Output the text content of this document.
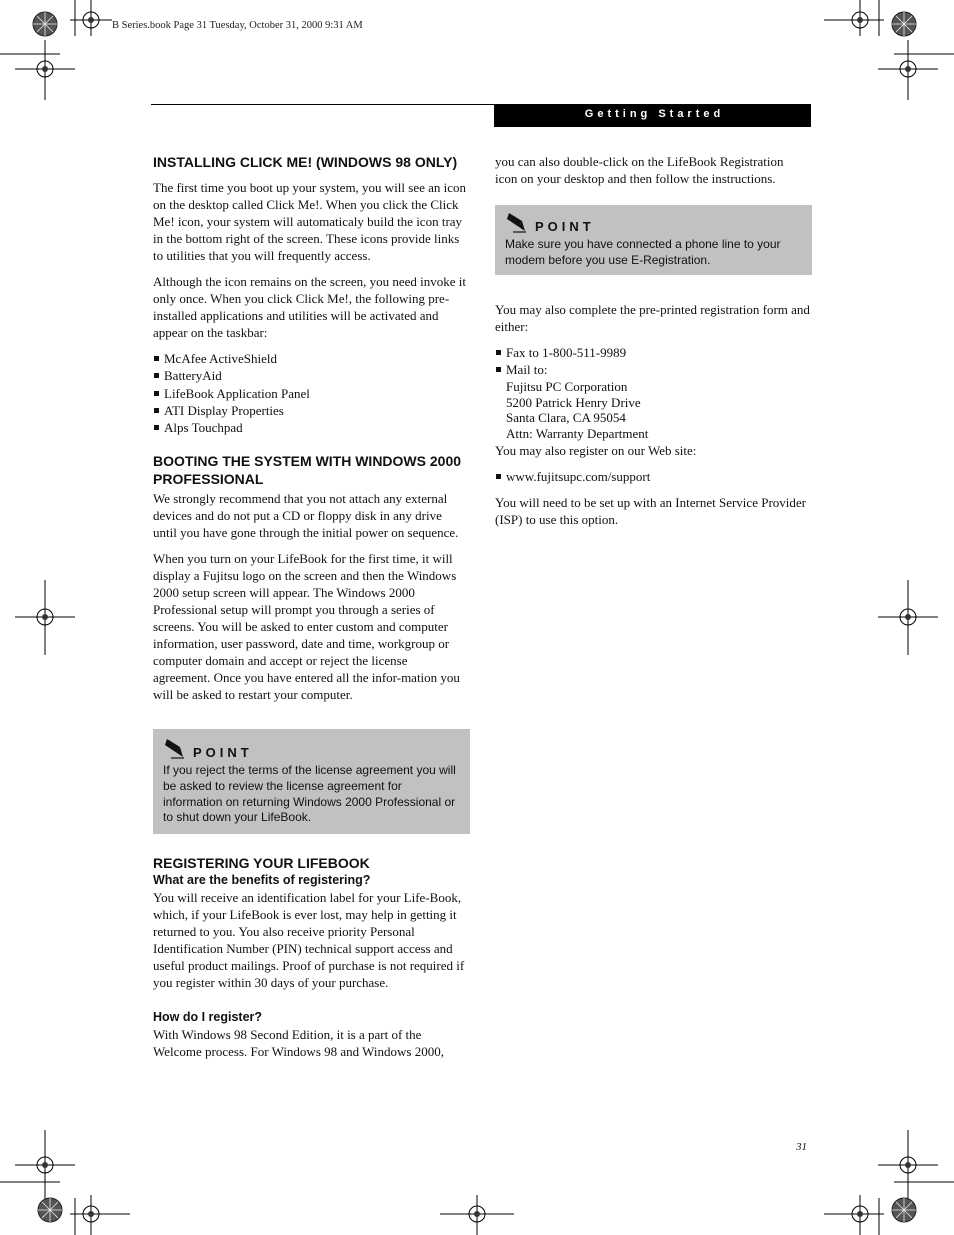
B Series.book Page 31 Tuesday, October 31, 2000 9:31 AM
Getting Started
INSTALLING CLICK ME! (WINDOWS 98 ONLY)

The first time you boot up your system, you will see an icon on the desktop called Click Me!. When you click the Click Me! icon, your system will automaticaly build the icon tray in the bottom right of the screen. These icons provide links to utilities that you will frequently access.

Although the icon remains on the screen, you need invoke it only once. When you click Click Me!, the following pre-installed applications and utilities will be activated and appear on the taskbar:

McAfee ActiveShield
BatteryAid
LifeBook Application Panel
ATI Display Properties
Alps Touchpad
BOOTING THE SYSTEM WITH WINDOWS 2000 PROFESSIONAL

We strongly recommend that you not attach any external devices and do not put a CD or floppy disk in any drive until you have gone through the initial power on sequence.

When you turn on your LifeBook for the first time, it will display a Fujitsu logo on the screen and then the Windows 2000 setup screen will appear. The Windows 2000 Professional setup will prompt you through a series of screens. You will be asked to enter custom and computer information, user password, date and time, workgroup or computer domain and accept or reject the license agreement. Once you have entered all the infor-mation you will be asked to restart your computer.

POINT
If you reject the terms of the license agreement you will be asked to review the license agreement for information on returning Windows 2000 Professional or to shut down your LifeBook.
REGISTERING YOUR LIFEBOOK
What are the benefits of registering?

You will receive an identification label for your Life-Book, which, if your LifeBook is ever lost, may help in getting it returned to you. You also receive priority Personal Identification Number (PIN) technical support access and useful product mailings. Proof of purchase is not required if you register within 30 days of your purchase.

How do I register?

With Windows 98 Second Edition, it is a part of the Welcome process. For Windows 98 and Windows 2000,

you can also double-click on the LifeBook Registration icon on your desktop and then follow the instructions.

POINT
Make sure you have connected a phone line to your modem before you use E-Registration.

You may also complete the pre-printed registration form and either:

Fax to 1-800-511-9989
Mail to:
Fujitsu PC Corporation
5200 Patrick Henry Drive
Santa Clara, CA 95054
Attn: Warranty Department

You may also register on our Web site:

www.fujitsupc.com/support

You will need to be set up with an Internet Service Provider (ISP) to use this option.

31
